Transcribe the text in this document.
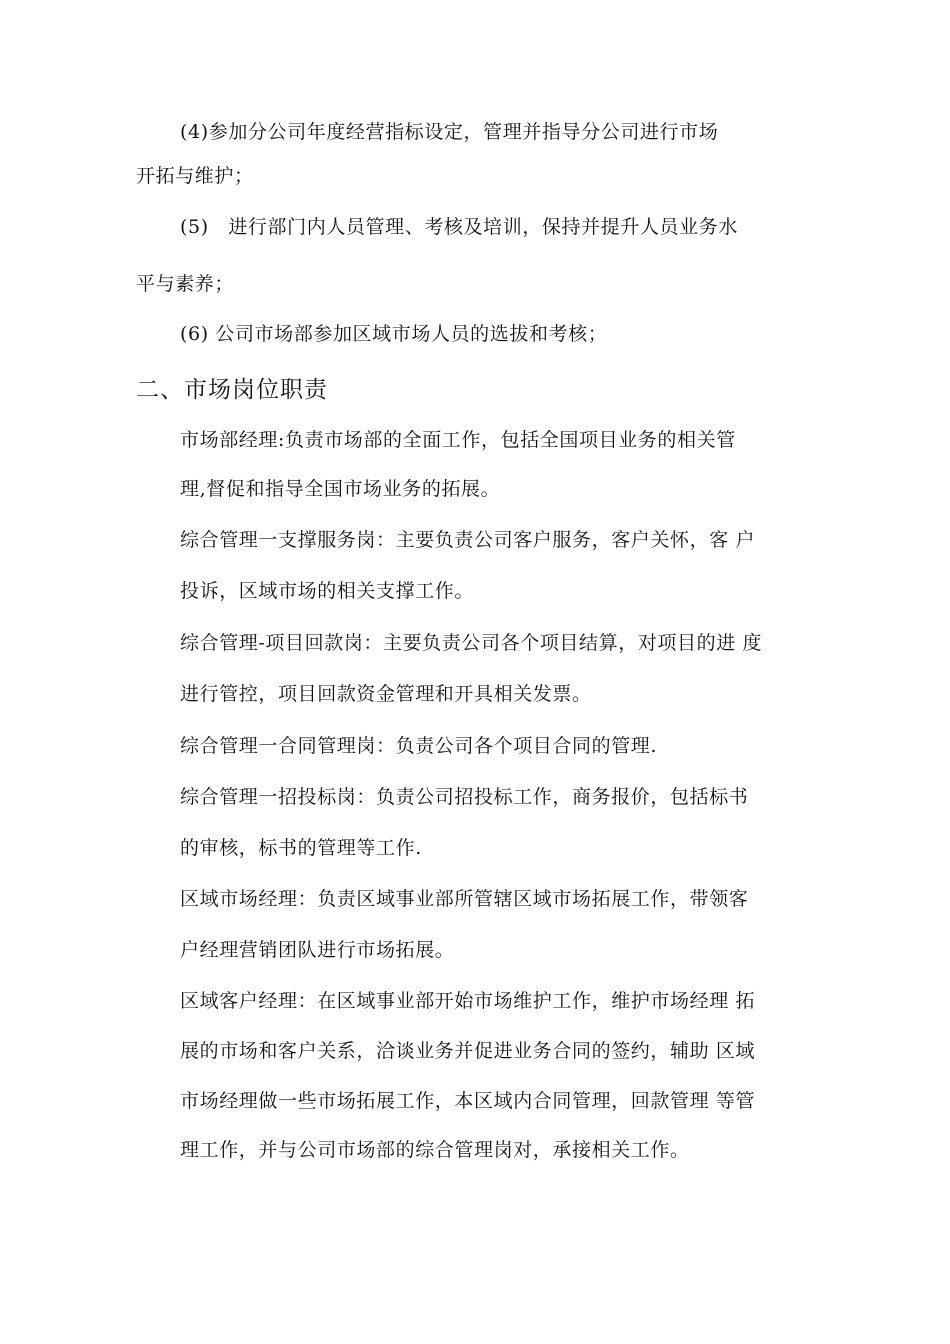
(4)参加分公司年度经营指标设定，管理并指导分公司进行市场
开拓与维护；
(5)　进行部门内人员管理、考核及培训，保持并提升人员业务水
平与素养；
(6) 公司市场部参加区域市场人员的选拔和考核；
二、市场岗位职责
市场部经理:负责市场部的全面工作，包括全国项目业务的相关管
理,督促和指导全国市场业务的拓展。
综合管理一支撑服务岗：主要负责公司客户服务，客户关怀，客 户
投诉，区域市场的相关支撑工作。
综合管理-项目回款岗：主要负责公司各个项目结算，对项目的进 度
进行管控，项目回款资金管理和开具相关发票。
综合管理一合同管理岗：负责公司各个项目合同的管理.
综合管理一招投标岗：负责公司招投标工作，商务报价，包括标书
的审核，标书的管理等工作.
区域市场经理：负责区域事业部所管辖区域市场拓展工作，带领客
户经理营销团队进行市场拓展。
区域客户经理：在区域事业部开始市场维护工作，维护市场经理 拓
展的市场和客户关系，洽谈业务并促进业务合同的签约，辅助 区域
市场经理做一些市场拓展工作，本区域内合同管理，回款管理 等管
理工作，并与公司市场部的综合管理岗对，承接相关工作。
